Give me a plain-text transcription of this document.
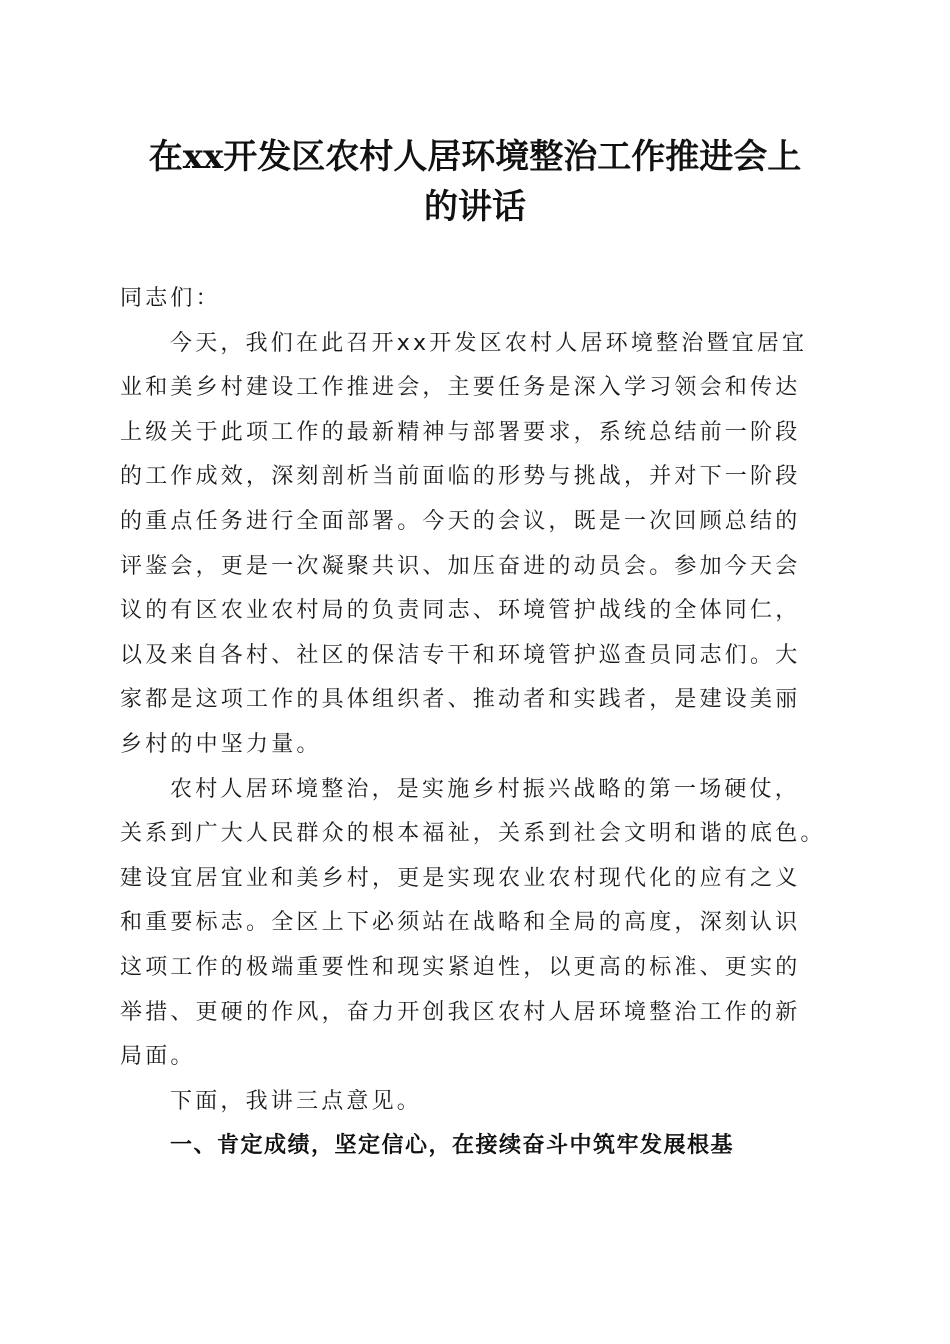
在xx开发区农村人居环境整治工作推进会上
的讲话
同志们：
今天，我们在此召开xx开发区农村人居环境整治暨宜居宜
业和美乡村建设工作推进会，主要任务是深入学习领会和传达
上级关于此项工作的最新精神与部署要求，系统总结前一阶段
的工作成效，深刻剖析当前面临的形势与挑战，并对下一阶段
的重点任务进行全面部署。今天的会议，既是一次回顾总结的
评鉴会，更是一次凝聚共识、加压奋进的动员会。参加今天会
议的有区农业农村局的负责同志、环境管护战线的全体同仁，
以及来自各村、社区的保洁专干和环境管护巡查员同志们。大
家都是这项工作的具体组织者、推动者和实践者，是建设美丽
乡村的中坚力量。
农村人居环境整治，是实施乡村振兴战略的第一场硬仗，
关系到广大人民群众的根本福祉，关系到社会文明和谐的底色。
建设宜居宜业和美乡村，更是实现农业农村现代化的应有之义
和重要标志。全区上下必须站在战略和全局的高度，深刻认识
这项工作的极端重要性和现实紧迫性，以更高的标准、更实的
举措、更硬的作风，奋力开创我区农村人居环境整治工作的新
局面。
下面，我讲三点意见。
一、肯定成绩，坚定信心，在接续奋斗中筑牢发展根基
